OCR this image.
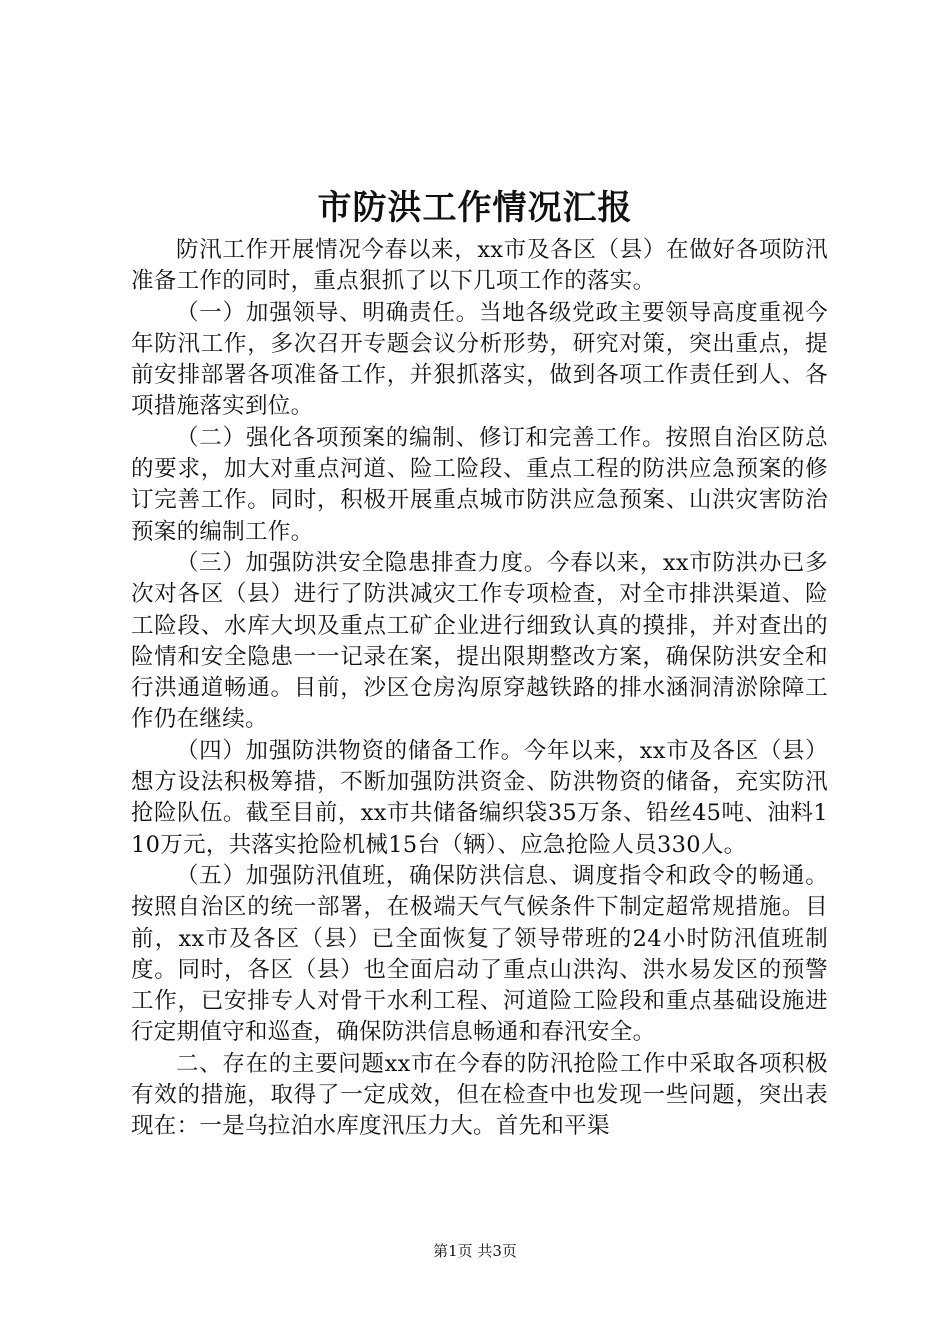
市防洪工作情况汇报

防汛工作开展情况今春以来，xx市及各区（县）在做好各项防汛准备工作的同时，重点狠抓了以下几项工作的落实。

（一）加强领导、明确责任。当地各级党政主要领导高度重视今年防汛工作，多次召开专题会议分析形势，研究对策，突出重点，提前安排部署各项准备工作，并狠抓落实，做到各项工作责任到人、各项措施落实到位。

（二）强化各项预案的编制、修订和完善工作。按照自治区防总的要求，加大对重点河道、险工险段、重点工程的防洪应急预案的修订完善工作。同时，积极开展重点城市防洪应急预案、山洪灾害防治预案的编制工作。

（三）加强防洪安全隐患排查力度。今春以来，xx市防洪办已多次对各区（县）进行了防洪减灾工作专项检查，对全市排洪渠道、险工险段、水库大坝及重点工矿企业进行细致认真的摸排，并对查出的险情和安全隐患一一记录在案，提出限期整改方案，确保防洪安全和行洪通道畅通。目前，沙区仓房沟原穿越铁路的排水涵洞清淤除障工作仍在继续。

（四）加强防洪物资的储备工作。今年以来，xx市及各区（县）想方设法积极筹措，不断加强防洪资金、防洪物资的储备，充实防汛抢险队伍。截至目前，xx市共储备编织袋35万条、铅丝45吨、油料110万元，共落实抢险机械15台（辆）、应急抢险人员330人。

（五）加强防汛值班，确保防洪信息、调度指令和政令的畅通。按照自治区的统一部署，在极端天气气候条件下制定超常规措施。目前，xx市及各区（县）已全面恢复了领导带班的24小时防汛值班制度。同时，各区（县）也全面启动了重点山洪沟、洪水易发区的预警工作，已安排专人对骨干水利工程、河道险工险段和重点基础设施进行定期值守和巡查，确保防洪信息畅通和春汛安全。

二、存在的主要问题xx市在今春的防汛抢险工作中采取各项积极有效的措施，取得了一定成效，但在检查中也发现一些问题，突出表现在：一是乌拉泊水库度汛压力大。首先和平渠

第1页 共3页
